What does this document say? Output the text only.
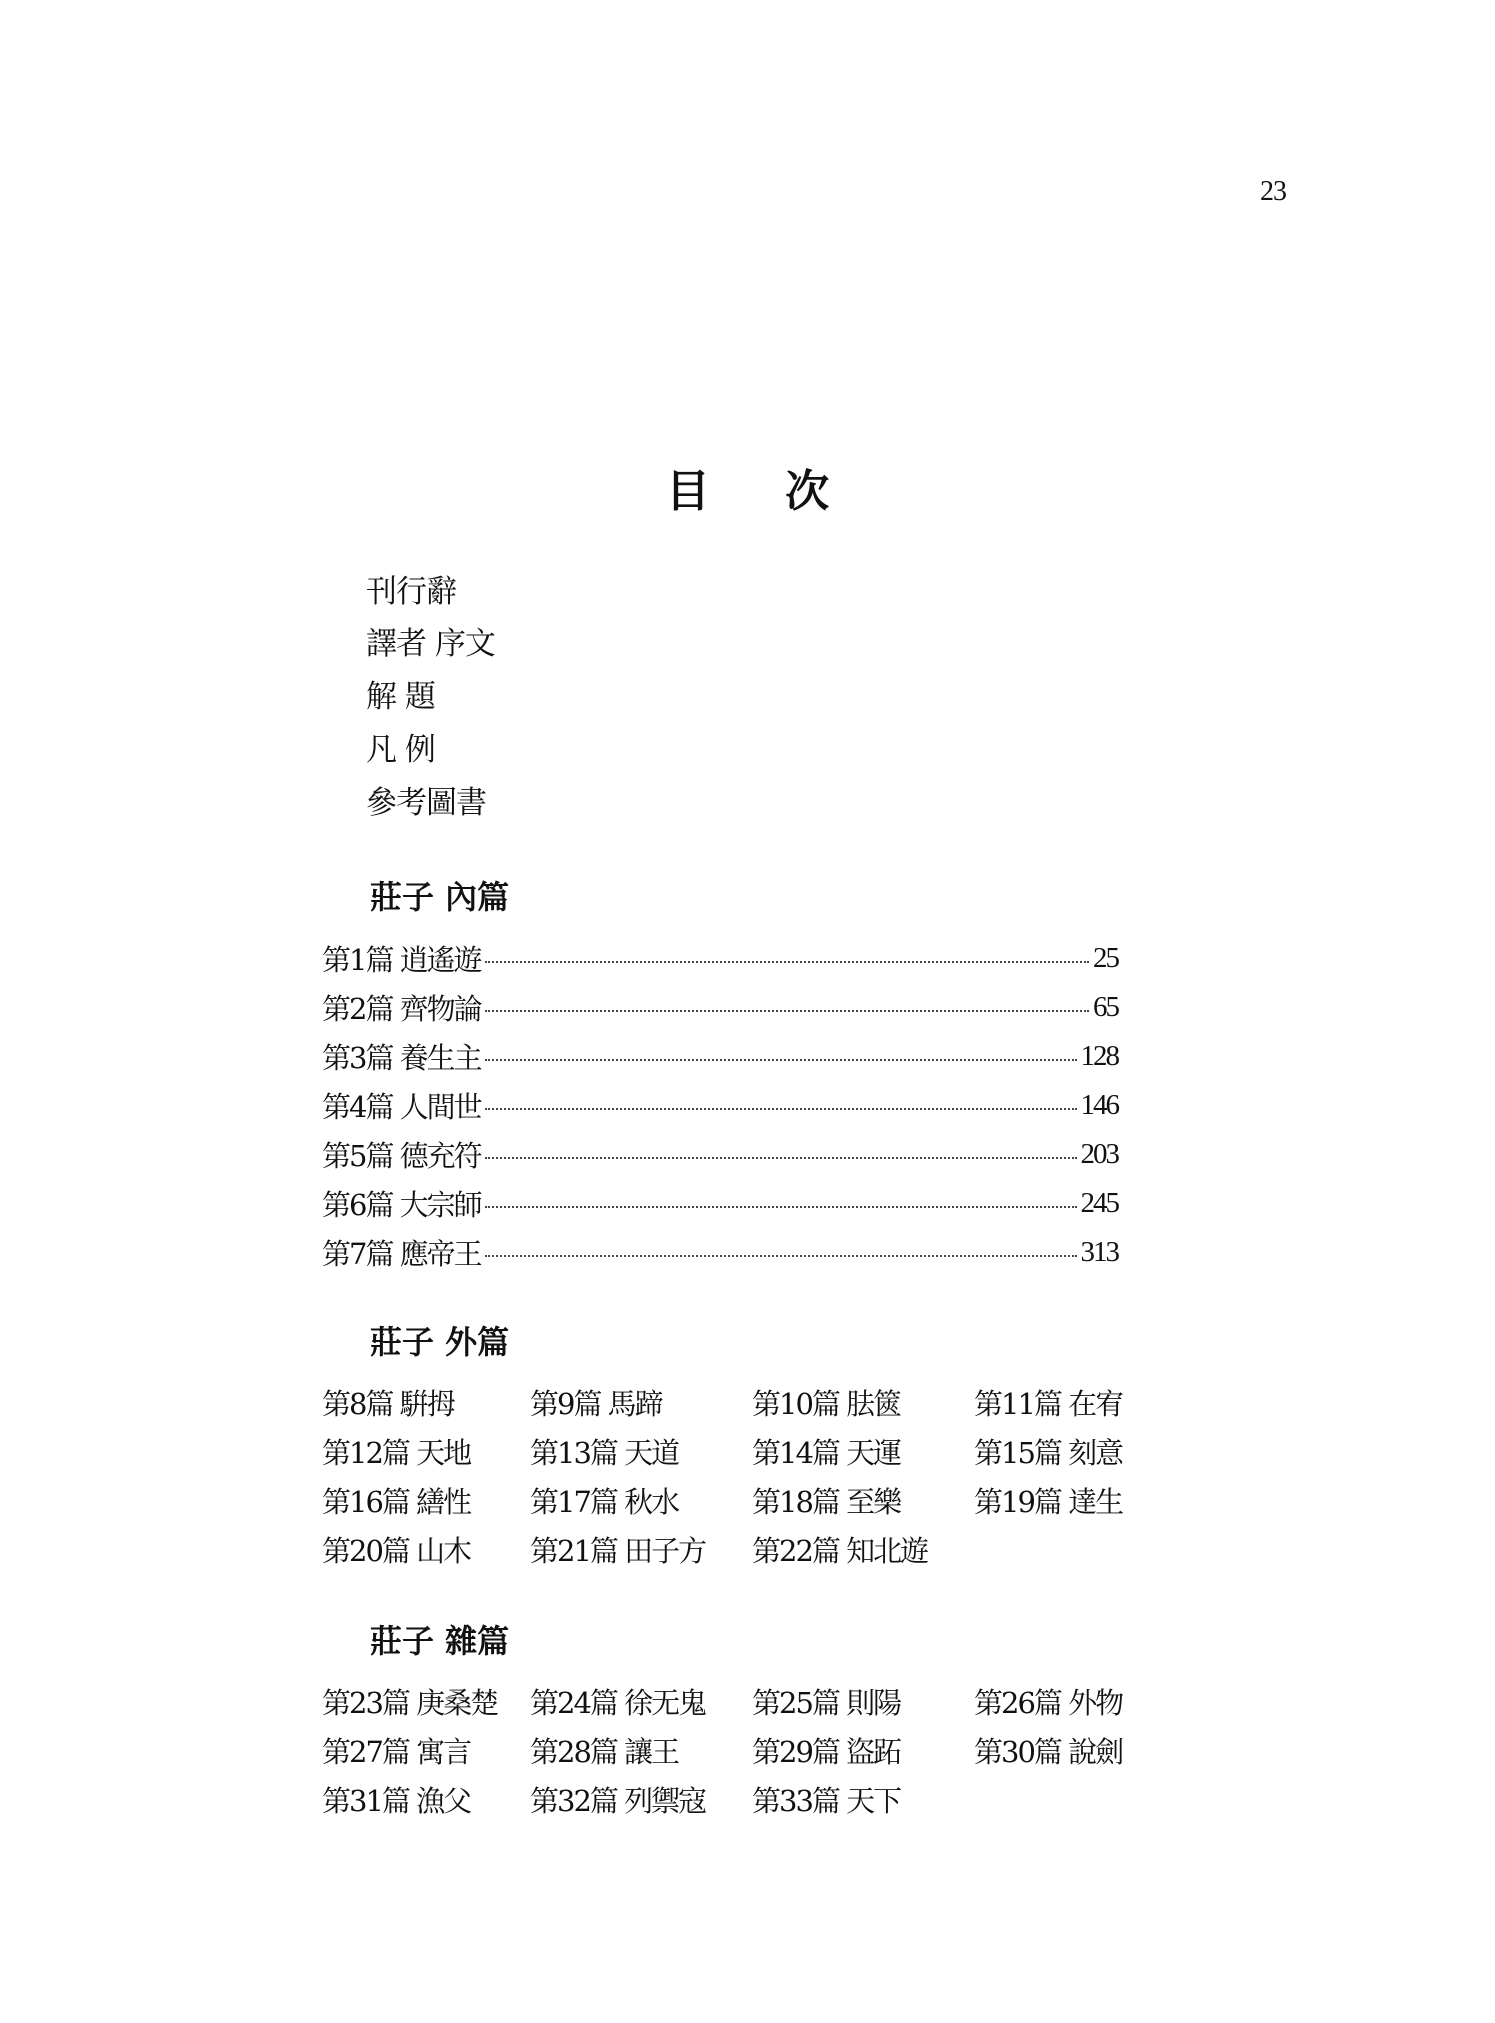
23
目 次
刊行辭
譯者 序文
解 題
凡 例
參考圖書
莊子 內篇
第1篇 逍遙遊	25
第2篇 齊物論	65
第3篇 養生主	128
第4篇 人間世	146
第5篇 德充符	203
第6篇 大宗師	245
第7篇 應帝王	313
莊子 外篇
第8篇 騈拇	第9篇 馬蹄	第10篇 胠篋	第11篇 在宥
第12篇 天地 第13篇 天道	第14篇 天運	第15篇 刻意
第16篇 繕性 第17篇 秋水	第18篇 至樂	第19篇 達生
第20篇 山木 第21篇 田子方 第22篇 知北遊
莊子 雜篇
第23篇 庚桑楚 第24篇 徐无鬼 第25篇 則陽	第26篇 外物
第27篇 寓言 第28篇 讓王	第29篇 盜跖	第30篇 說劍
第31篇 漁父 第32篇 列禦寇 第33篇 天下
